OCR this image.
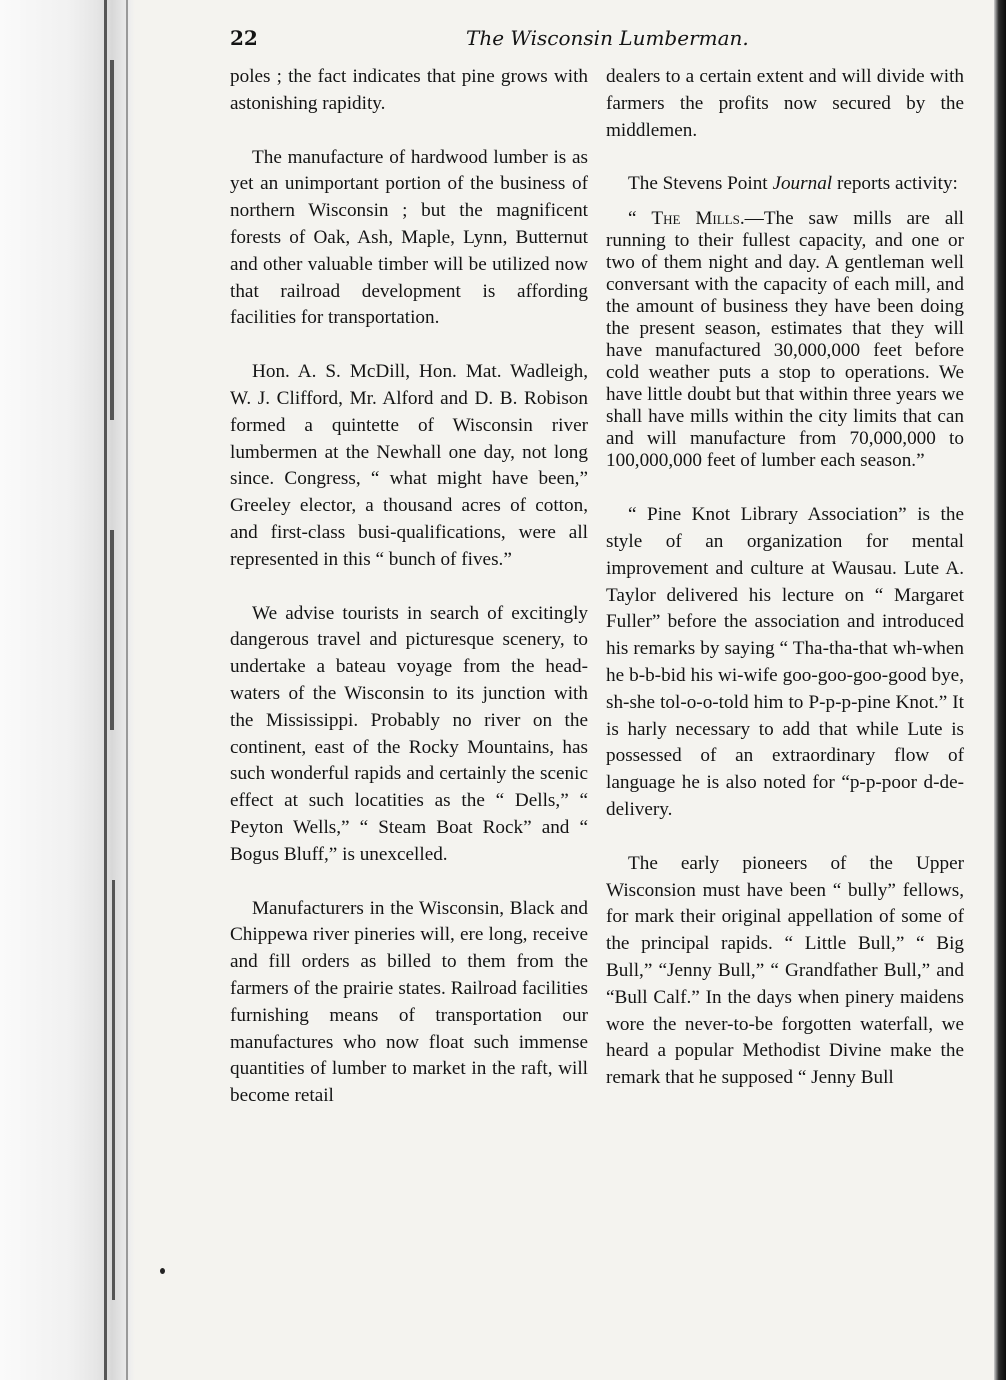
22	The Wisconsin Lumberman.

poles ; the fact indicates that pine grows with astonishing rapidity.

The manufacture of hardwood lumber is as yet an unimportant portion of the business of northern Wisconsin ; but the magnificent forests of Oak, Ash, Maple, Lynn, Butternut and other valuable timber will be utilized now that railroad development is affording facilities for transportation.

Hon. A. S. McDill, Hon. Mat. Wadleigh, W. J. Clifford, Mr. Alford and D. B. Robison formed a quintette of Wisconsin river lumbermen at the Newhall one day, not long since. Congress, “ what might have been,” Greeley elector, a thousand acres of cotton, and first-class busi-qualifications, were all represented in this “ bunch of fives.”

We advise tourists in search of excitingly dangerous travel and picturesque scenery, to undertake a bateau voyage from the head-waters of the Wisconsin to its junction with the Mississippi. Probably no river on the continent, east of the Rocky Mountains, has such wonderful rapids and certainly the scenic effect at such locatities as the “ Dells,” “ Peyton Wells,” “ Steam Boat Rock” and “ Bogus Bluff,” is unexcelled.

Manufacturers in the Wisconsin, Black and Chippewa river pineries will, ere long, receive and fill orders as billed to them from the farmers of the prairie states. Railroad facilities furnishing means of transportation our manufactures who now float such immense quantities of lumber to market in the raft, will become retail

dealers to a certain extent and will divide with farmers the profits now secured by the middlemen.

The Stevens Point Journal reports activity:

“ The Mills.—The saw mills are all running to their fullest capacity, and one or two of them night and day. A gentleman well conversant with the capacity of each mill, and the amount of business they have been doing the present season, estimates that they will have manufactured 30,000,000 feet before cold weather puts a stop to operations. We have little doubt but that within three years we shall have mills within the city limits that can and will manufacture from 70,000,000 to 100,000,000 feet of lumber each season.”

“ Pine Knot Library Association” is the style of an organization for mental improvement and culture at Wausau. Lute A. Taylor delivered his lecture on “ Margaret Fuller” before the association and introduced his remarks by saying “ Tha-tha-that wh-when he b-b-bid his wi-wife goo-goo-goo-good bye, sh-she tol-o-o-told him to P-p-p-pine Knot.” It is harly necessary to add that while Lute is possessed of an extraordinary flow of language he is also noted for “p-p-poor d-de-delivery.

The early pioneers of the Upper Wisconsion must have been “ bully” fellows, for mark their original appellation of some of the principal rapids. “ Little Bull,” “ Big Bull,” “Jenny Bull,” “ Grandfather Bull,” and “Bull Calf.” In the days when pinery maidens wore the never-to-be forgotten waterfall, we heard a popular Methodist Divine make the remark that he supposed “ Jenny Bull
